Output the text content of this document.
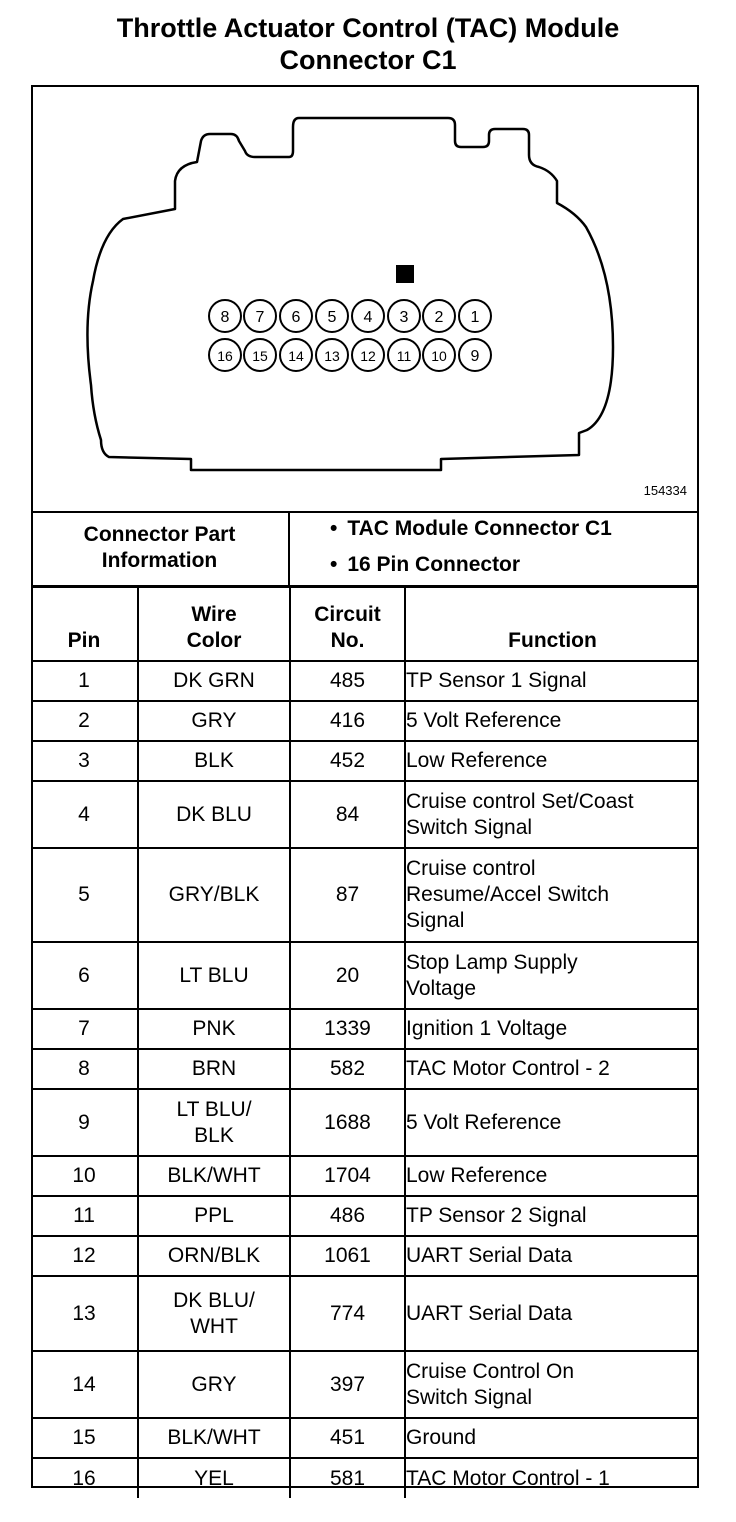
Throttle Actuator Control (TAC) Module
Connector C1
8 7 6 5 4 3 2 1
16 15 14 13 12 11 10 9
154334
Connector Part Information
• TAC Module Connector C1
• 16 Pin Connector
Pin	Wire Color	Circuit No.	Function
1	DK GRN	485	TP Sensor 1 Signal
2	GRY	416	5 Volt Reference
3	BLK	452	Low Reference
4	DK BLU	84	Cruise control Set/Coast
Switch Signal
5	GRY/BLK	87	Cruise control
Resume/Accel Switch
Signal
6	LT BLU	20	Stop Lamp Supply
Voltage
7	PNK	1339	Ignition 1 Voltage
8	BRN	582	TAC Motor Control - 2
9	LT BLU/
BLK	1688	5 Volt Reference
10	BLK/WHT	1704	Low Reference
11	PPL	486	TP Sensor 2 Signal
12	ORN/BLK	1061	UART Serial Data
13	DK BLU/
WHT	774	UART Serial Data
14	GRY	397	Cruise Control On
Switch Signal
15	BLK/WHT	451	Ground
16	YEL	581	TAC Motor Control - 1
